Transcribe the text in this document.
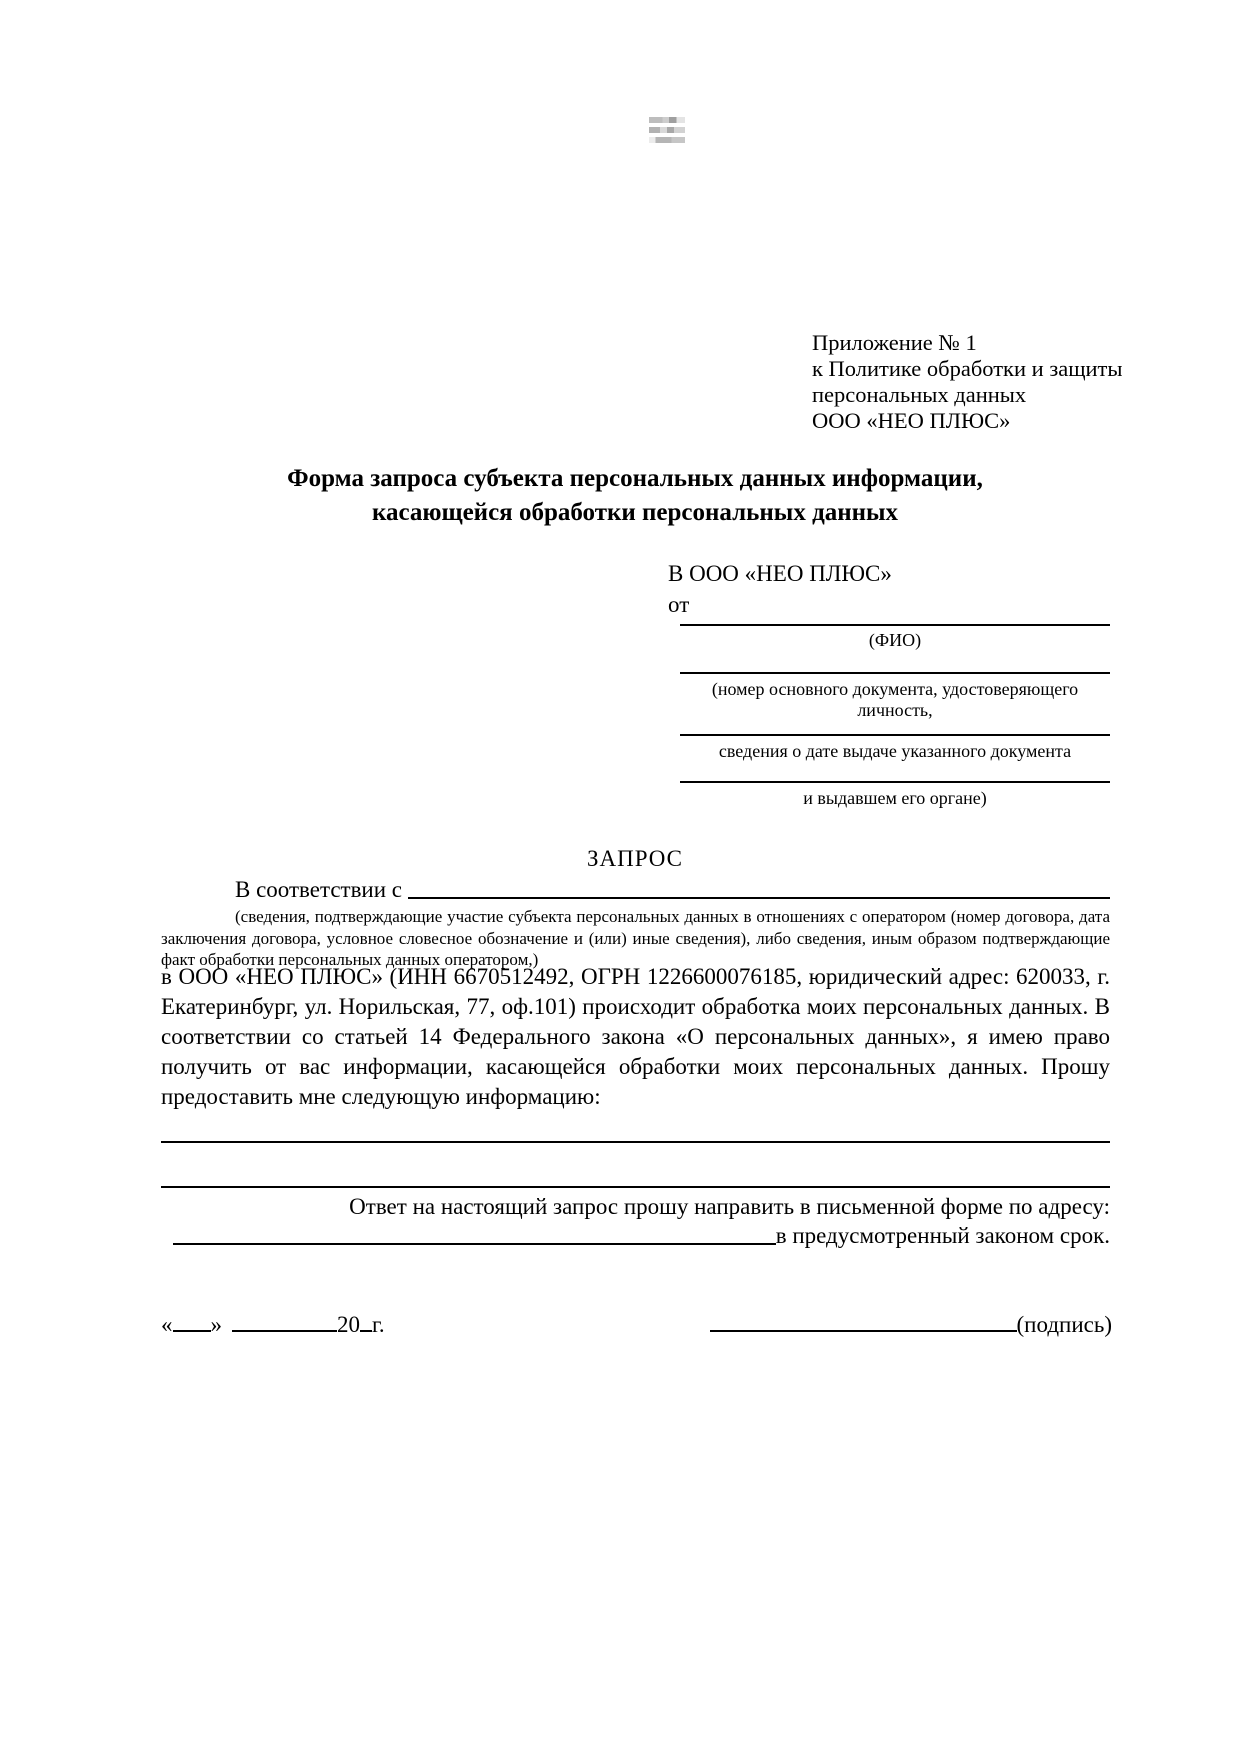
Приложение № 1
к Политике обработки и защиты
персональных данных
ООО «НЕО ПЛЮС»
Форма запроса субъекта персональных данных информации,
касающейся обработки персональных данных
В ООО «НЕО ПЛЮС»
от
(ФИО)
(номер основного документа, удостоверяющего личность,
сведения о дате выдаче указанного документа
и выдавшем его органе)
ЗАПРОС
В соответствии с
(сведения, подтверждающие участие субъекта персональных данных в отношениях с оператором (номер договора, дата заключения договора, условное словесное обозначение и (или) иные сведения), либо сведения, иным образом подтверждающие факт обработки персональных данных оператором,)
в ООО «НЕО ПЛЮС» (ИНН 6670512492, ОГРН 1226600076185, юридический адрес: 620033, г. Екатеринбург, ул. Норильская, 77, оф.101) происходит обработка моих персональных данных. В соответствии со статьей 14 Федерального закона «О персональных данных», я имею право получить от вас информации, касающейся обработки моих персональных данных. Прошу предоставить мне следующую информацию:
Ответ на настоящий запрос прошу направить в письменной форме по адресу:
в предусмотренный законом срок.
« »	20 г.	(подпись)
